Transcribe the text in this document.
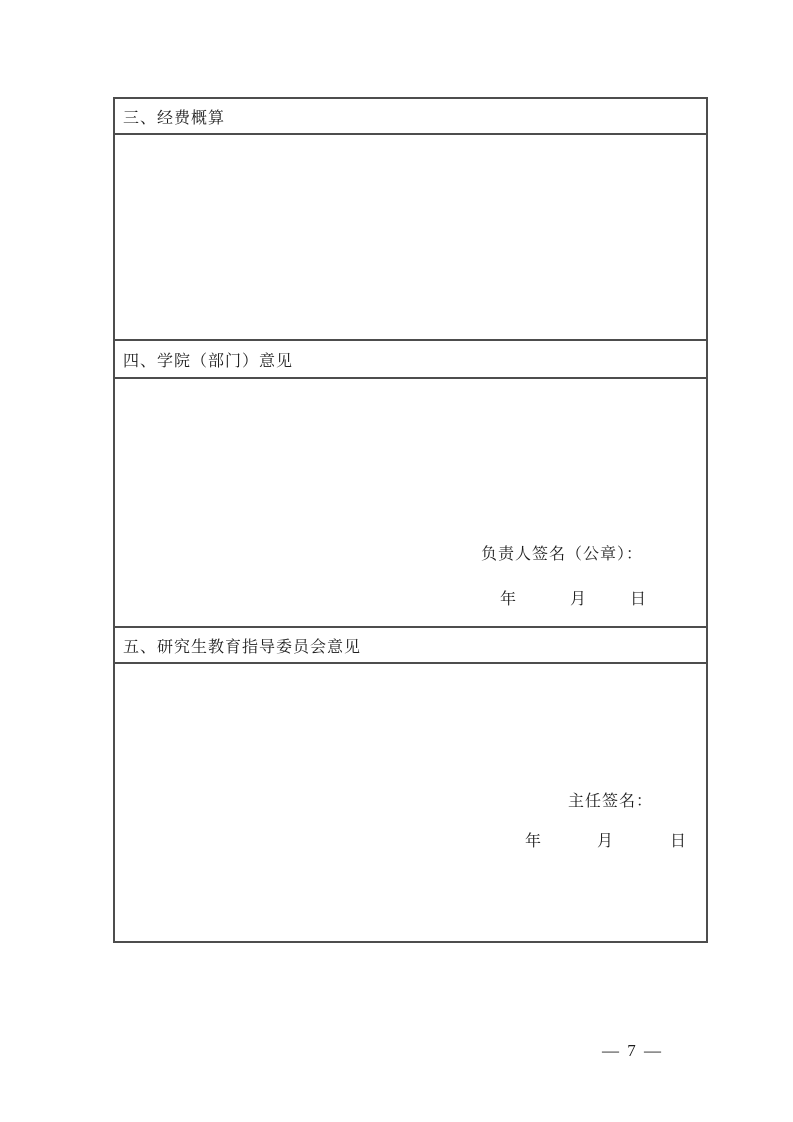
三、经费概算
四、学院（部门）意见
负责人签名（公章）：
年	月	日
五、研究生教育指导委员会意见
主任签名：
年	月	日
— 7 —
